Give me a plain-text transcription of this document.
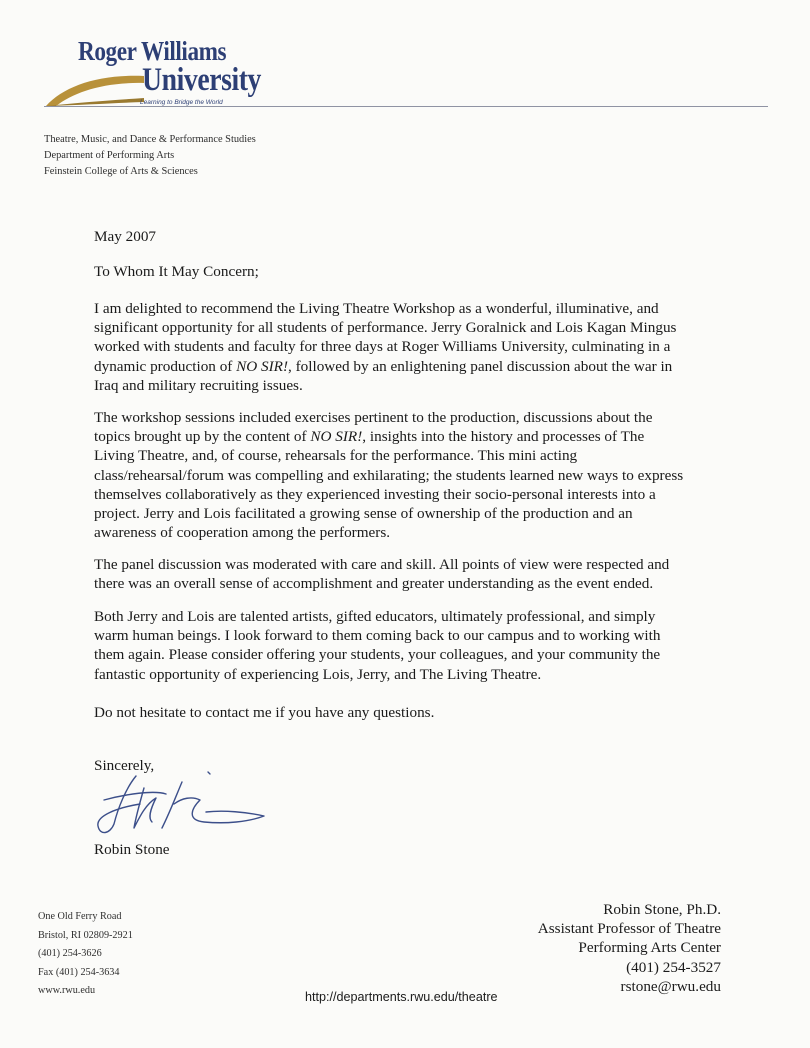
Roger Williams
University
Learning to Bridge the World
Theatre, Music, and Dance & Performance Studies
Department of Performing Arts
Feinstein College of Arts & Sciences
May 2007
To Whom It May Concern;
I am delighted to recommend the Living Theatre Workshop as a wonderful, illuminative, and
significant opportunity for all students of performance. Jerry Goralnick and Lois Kagan Mingus
worked with students and faculty for three days at Roger Williams University, culminating in a
dynamic production of NO SIR!, followed by an enlightening panel discussion about the war in
Iraq and military recruiting issues.
The workshop sessions included exercises pertinent to the production, discussions about the
topics brought up by the content of NO SIR!, insights into the history and processes of The
Living Theatre, and, of course, rehearsals for the performance. This mini acting
class/rehearsal/forum was compelling and exhilarating; the students learned new ways to express
themselves collaboratively as they experienced investing their socio-personal interests into a
project. Jerry and Lois facilitated a growing sense of ownership of the production and an
awareness of cooperation among the performers.
The panel discussion was moderated with care and skill. All points of view were respected and
there was an overall sense of accomplishment and greater understanding as the event ended.
Both Jerry and Lois are talented artists, gifted educators, ultimately professional, and simply
warm human beings. I look forward to them coming back to our campus and to working with
them again. Please consider offering your students, your colleagues, and your community the
fantastic opportunity of experiencing Lois, Jerry, and The Living Theatre.
Do not hesitate to contact me if you have any questions.
Sincerely,
Robin Stone
One Old Ferry Road
Bristol, RI 02809-2921
(401) 254-3626
Fax (401) 254-3634
www.rwu.edu
Robin Stone, Ph.D.
Assistant Professor of Theatre
Performing Arts Center
(401) 254-3527
rstone@rwu.edu
http://departments.rwu.edu/theatre
